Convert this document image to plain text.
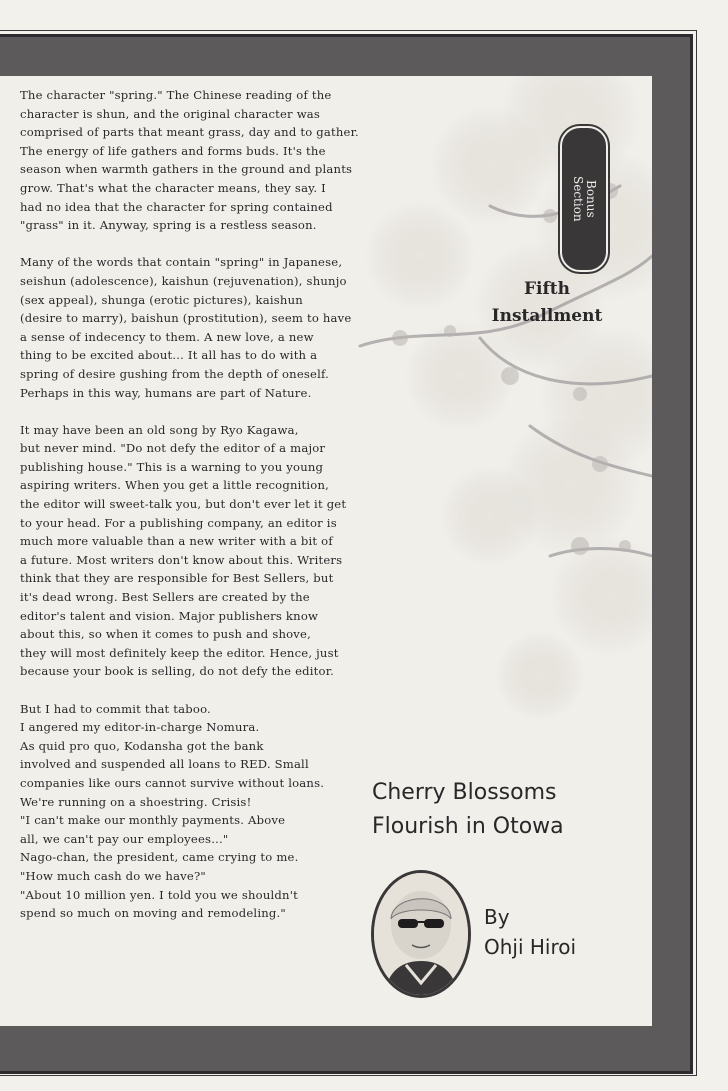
The character "spring." The Chinese reading of the
character is shun, and the original character was
comprised of parts that meant grass, day and to gather.
The energy of life gathers and forms buds. It's the
season when warmth gathers in the ground and plants
grow. That's what the character means, they say. I
had no idea that the character for spring contained
"grass" in it. Anyway, spring is a restless season.

Many of the words that contain "spring" in Japanese,
seishun (adolescence), kaishun (rejuvenation), shunjo
(sex appeal), shunga (erotic pictures), kaishun
(desire to marry), baishun (prostitution), seem to have
a sense of indecency to them. A new love, a new
thing to be excited about... It all has to do with a
spring of desire gushing from the depth of oneself.
Perhaps in this way, humans are part of Nature.

It may have been an old song by Ryo Kagawa,
but never mind. "Do not defy the editor of a major
publishing house." This is a warning to you young
aspiring writers. When you get a little recognition,
the editor will sweet-talk you, but don't ever let it get
to your head. For a publishing company, an editor is
much more valuable than a new writer with a bit of
a future. Most writers don't know about this. Writers
think that they are responsible for Best Sellers, but
it's dead wrong. Best Sellers are created by the
editor's talent and vision. Major publishers know
about this, so when it comes to push and shove,
they will most definitely keep the editor. Hence, just
because your book is selling, do not defy the editor.

But I had to commit that taboo.
I angered my editor-in-charge Nomura.
As quid pro quo, Kodansha got the bank
involved and suspended all loans to RED. Small
companies like ours cannot survive without loans.
We're running on a shoestring. Crisis!
"I can't make our monthly payments. Above
all, we can't pay our employees..."
Nago-chan, the president, came crying to me.
"How much cash do we have?"
"About 10 million yen. I told you we shouldn't
spend so much on moving and remodeling."

Bonus
Section
Fifth
Installment
Cherry Blossoms
Flourish in Otowa
By
Ohji Hiroi
